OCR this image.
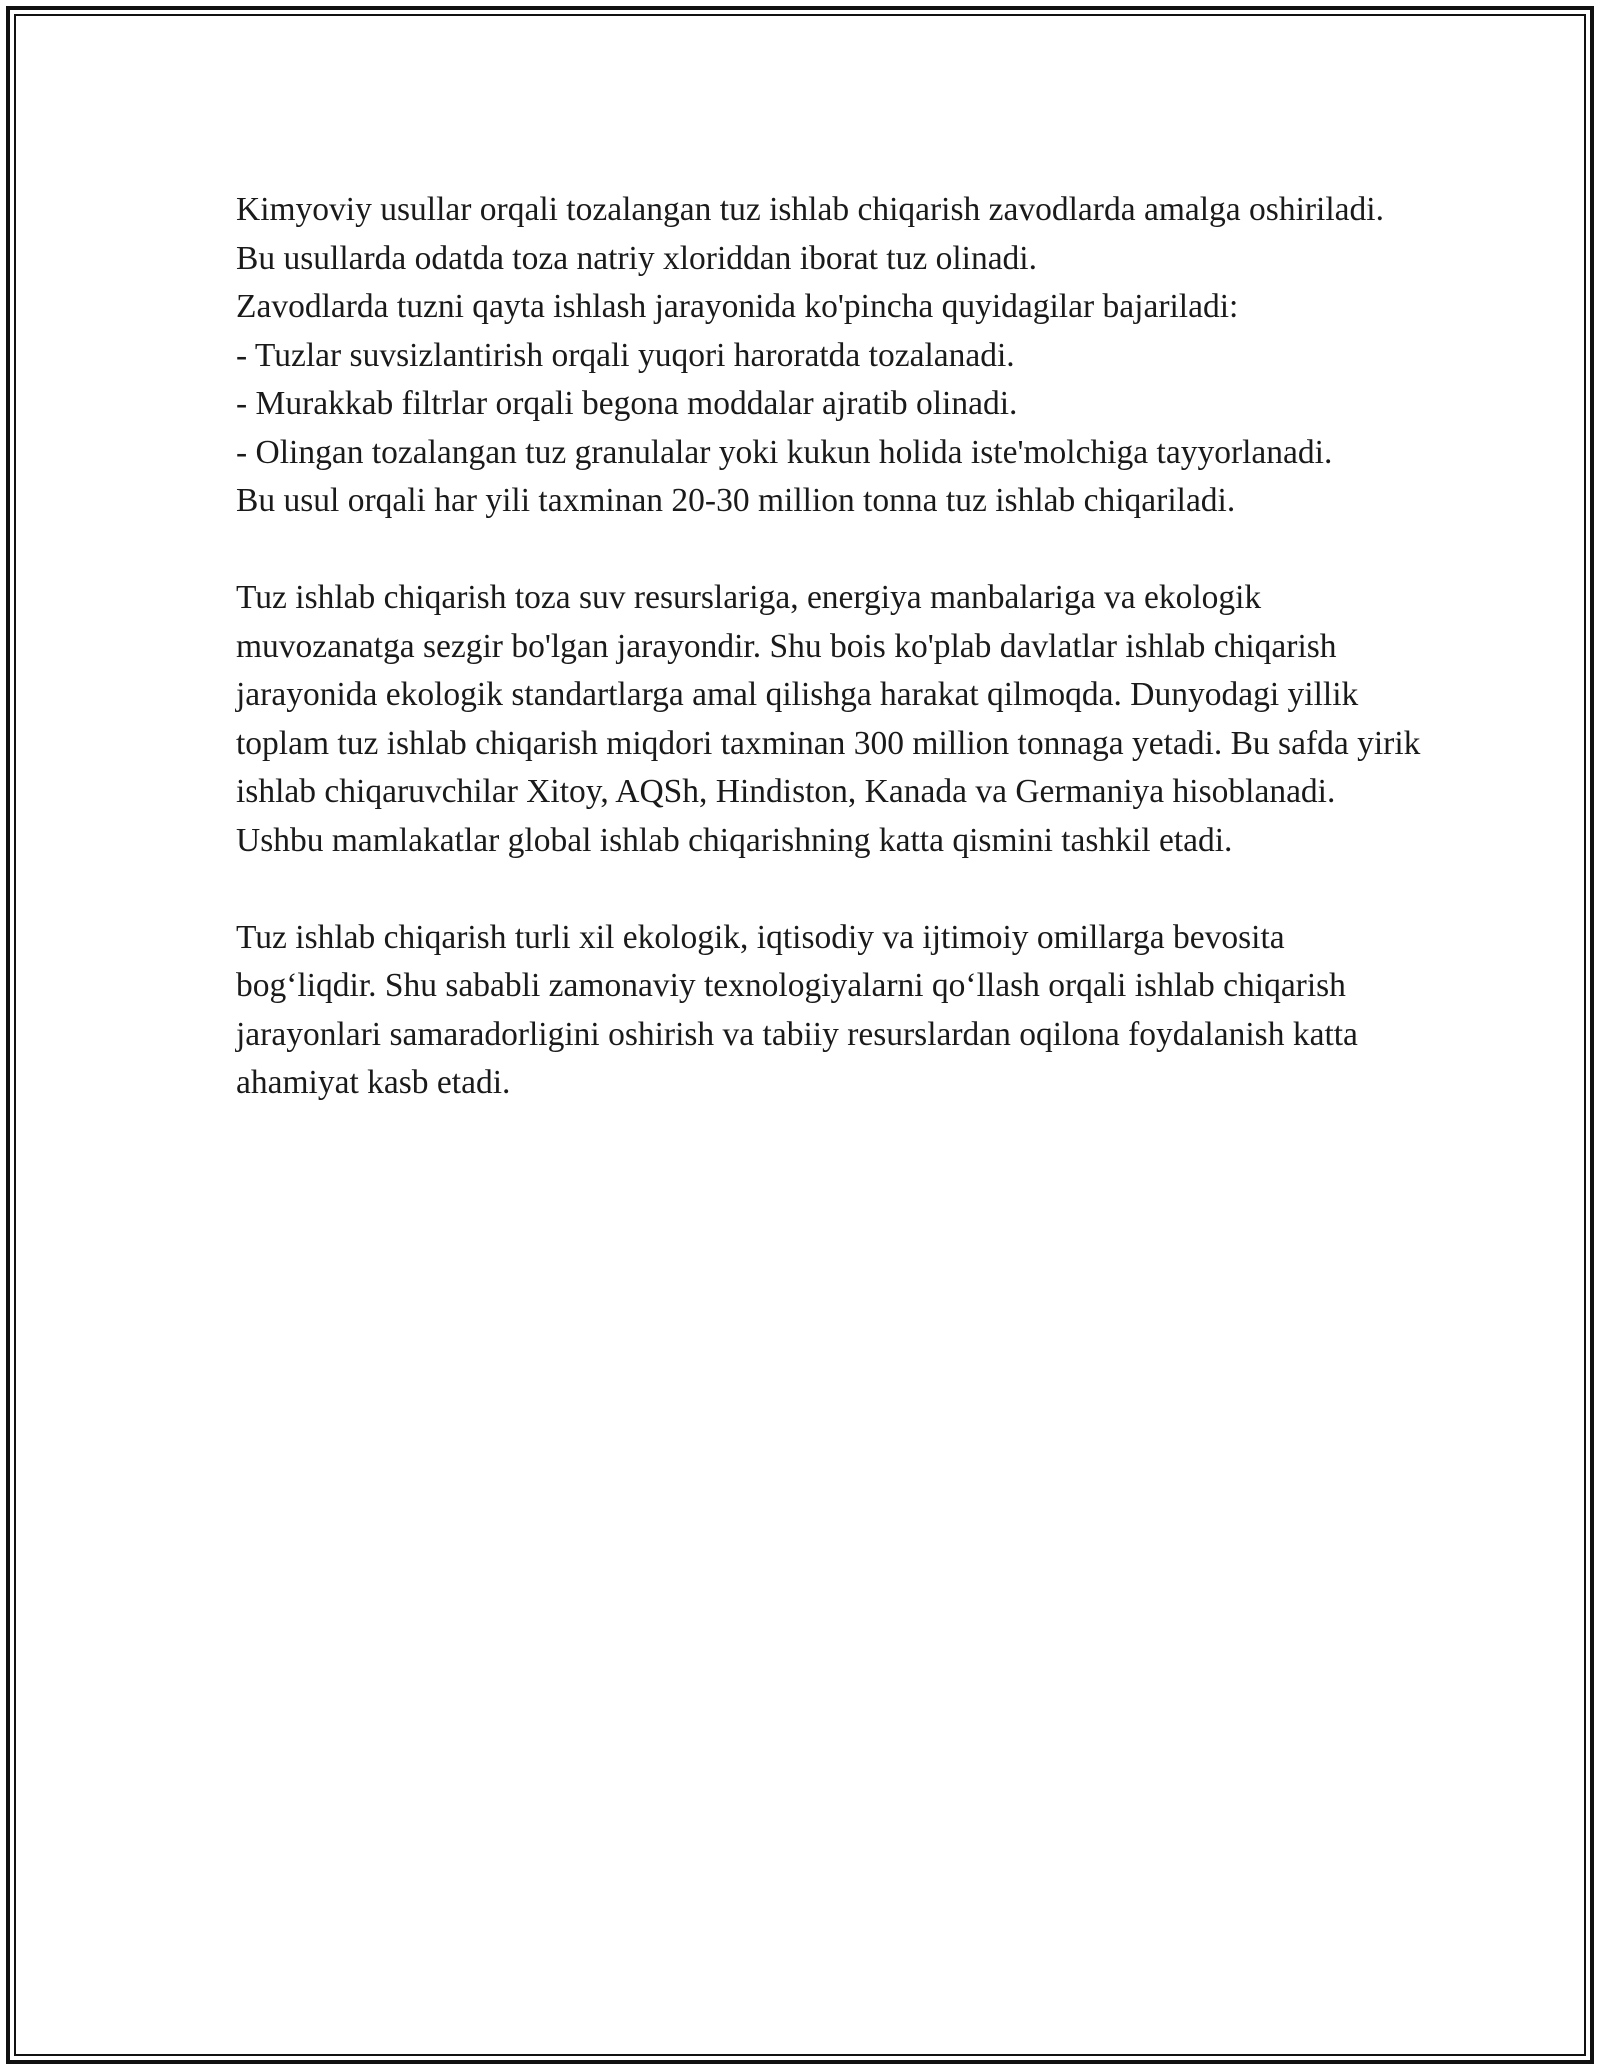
Kimyoviy usullar orqali tozalangan tuz ishlab chiqarish zavodlarda amalga oshiriladi. Bu usullarda odatda toza natriy xloriddan iborat tuz olinadi.

Zavodlarda tuzni qayta ishlash jarayonida ko'pincha quyidagilar bajariladi:

- Tuzlar suvsizlantirish orqali yuqori haroratda tozalanadi.
- Murakkab filtrlar orqali begona moddalar ajratib olinadi.
- Olingan tozalangan tuz granulalar yoki kukun holida iste'molchiga tayyorlanadi.

Bu usul orqali har yili taxminan 20-30 million tonna tuz ishlab chiqariladi.

Tuz ishlab chiqarish toza suv resurslariga, energiya manbalariga va ekologik muvozanatga sezgir bo'lgan jarayondir. Shu bois ko'plab davlatlar ishlab chiqarish jarayonida ekologik standartlarga amal qilishga harakat qilmoqda. Dunyodagi yillik toplam tuz ishlab chiqarish miqdori taxminan 300 million tonnaga yetadi. Bu safda yirik ishlab chiqaruvchilar Xitoy, AQSh, Hindiston, Kanada va Germaniya hisoblanadi. Ushbu mamlakatlar global ishlab chiqarishning katta qismini tashkil etadi.

Tuz ishlab chiqarish turli xil ekologik, iqtisodiy va ijtimoiy omillarga bevosita bog‘liqdir. Shu sababli zamonaviy texnologiyalarni qo‘llash orqali ishlab chiqarish jarayonlari samaradorligini oshirish va tabiiy resurslardan oqilona foydalanish katta ahamiyat kasb etadi.
